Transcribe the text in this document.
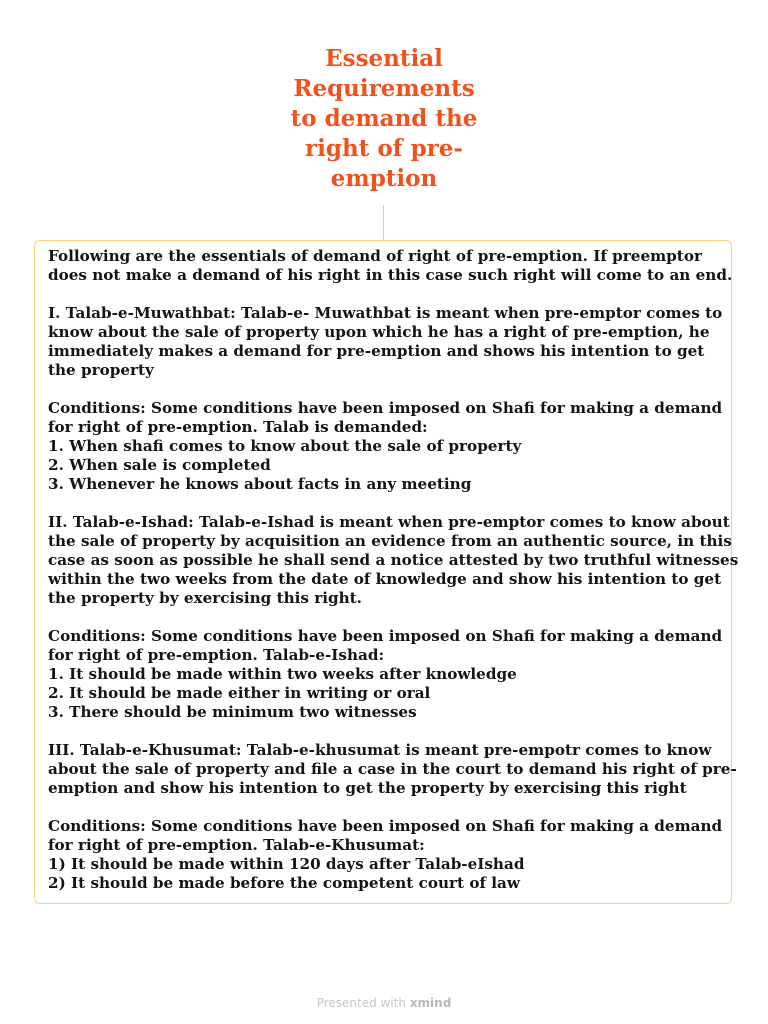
Essential
Requirements
to demand the
right of pre-
emption
Following are the essentials of demand of right of pre-emption. If preemptor
does not make a demand of his right in this case such right will come to an end.
I. Talab-e-Muwathbat: Talab-e- Muwathbat is meant when pre-emptor comes to
know about the sale of property upon which he has a right of pre-emption, he
immediately makes a demand for pre-emption and shows his intention to get
the property
Conditions: Some conditions have been imposed on Shafi for making a demand
for right of pre-emption. Talab is demanded:
1. When shafi comes to know about the sale of property
2. When sale is completed
3. Whenever he knows about facts in any meeting
II. Talab-e-Ishad: Talab-e-Ishad is meant when pre-emptor comes to know about
the sale of property by acquisition an evidence from an authentic source, in this
case as soon as possible he shall send a notice attested by two truthful witnesses
within the two weeks from the date of knowledge and show his intention to get
the property by exercising this right.
Conditions: Some conditions have been imposed on Shafi for making a demand
for right of pre-emption. Talab-e-Ishad:
1. It should be made within two weeks after knowledge
2. It should be made either in writing or oral
3. There should be minimum two witnesses
III. Talab-e-Khusumat: Talab-e-khusumat is meant pre-empotr comes to know
about the sale of property and file a case in the court to demand his right of pre-
emption and show his intention to get the property by exercising this right
Conditions: Some conditions have been imposed on Shafi for making a demand
for right of pre-emption. Talab-e-Khusumat:
1) It should be made within 120 days after Talab-eIshad
2) It should be made before the competent court of law
Presented with xmind
